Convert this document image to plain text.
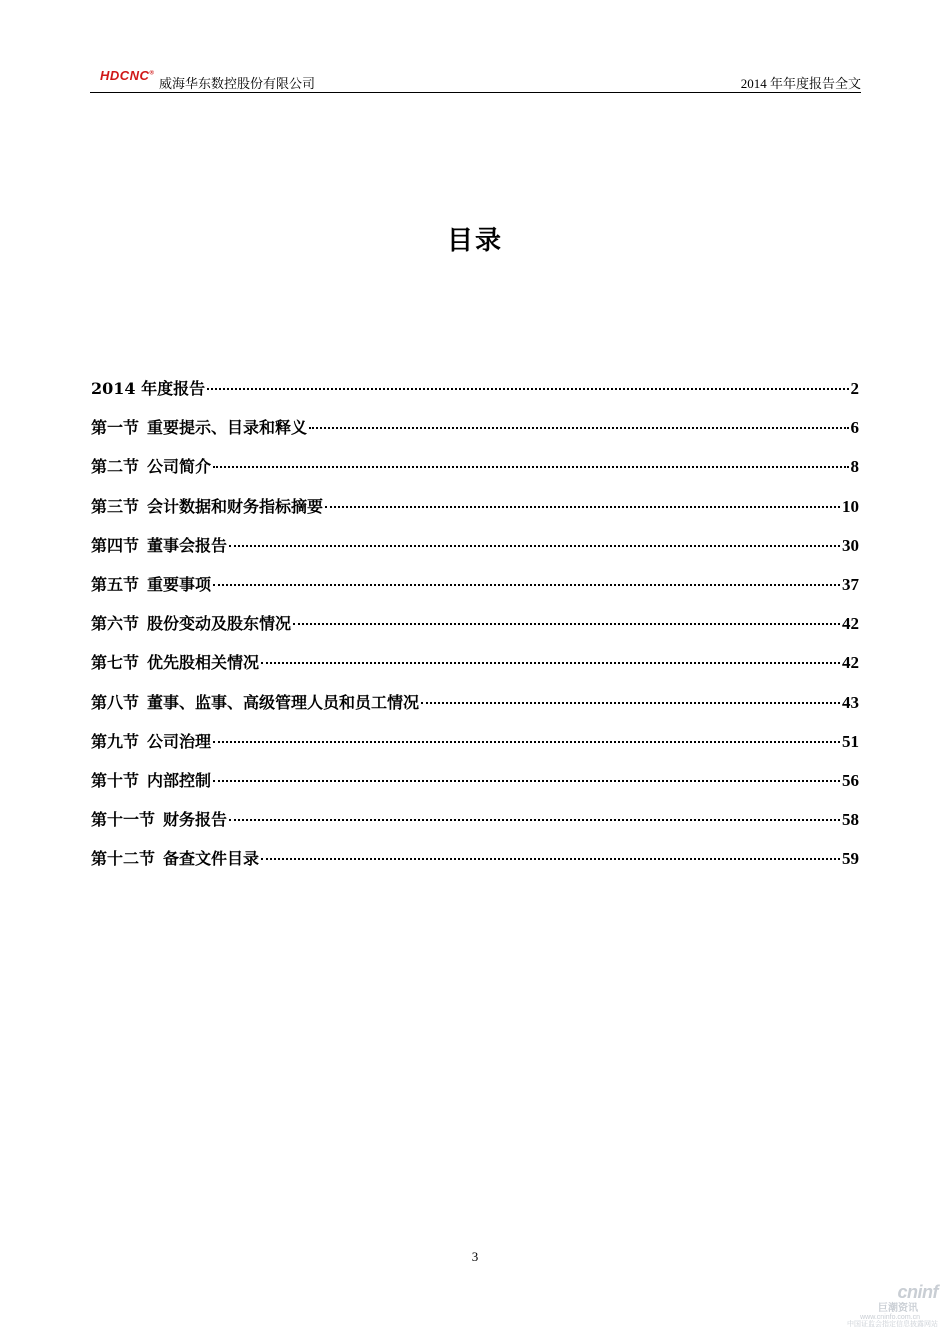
HDCNC®
威海华东数控股份有限公司	2014 年年度报告全文
目录
2014 年度报告	2
第一节 重要提示、目录和释义	6
第二节 公司简介	8
第三节 会计数据和财务指标摘要	10
第四节 董事会报告	30
第五节 重要事项	37
第六节 股份变动及股东情况	42
第七节 优先股相关情况	42
第八节 董事、监事、高级管理人员和员工情况	43
第九节 公司治理	51
第十节 内部控制	56
第十一节 财务报告	58
第十二节 备查文件目录	59
3
cninf
巨潮资讯
www.cninfo.com.cn
中国证监会指定信息披露网站
